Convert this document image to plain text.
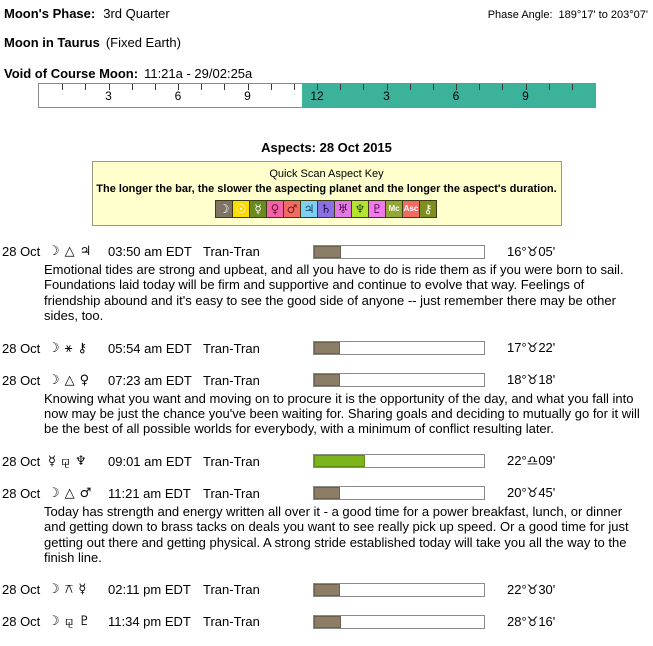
Moon's Phase: 3rd Quarter	Phase Angle: 189°17' to 203°07'
Moon in Taurus (Fixed Earth)
Void of Course Moon: 11:21a - 29/02:25a
3	6	9	12	3	6	9
Aspects: 28 Oct 2015
Quick Scan Aspect Key
The longer the bar, the slower the aspecting planet and the longer the aspect's duration.
☽ ☉ ☿ ♀ ♂ ♃ ♄ ♅ ♆ ♇ Mc Asc ⚷
28 Oct ☽ △ ♃ 03:50 am EDT Tran-Tran	16°♉05'
Emotional tides are strong and upbeat, and all you have to do is ride them as if you were born to sail. Foundations laid today will be firm and supportive and continue to evolve that way. Feelings of friendship abound and it's easy to see the good side of anyone -- just remember there may be other sides, too.
28 Oct ☽ ⚹ ⚷ 05:54 am EDT Tran-Tran	17°♉22'
28 Oct ☽ △ ♀ 07:23 am EDT Tran-Tran	18°♉18'
Knowing what you want and moving on to procure it is the opportunity of the day, and what you fall into now may be just the chance you've been waiting for. Sharing goals and deciding to mutually go for it will be the best of all possible worlds for everybody, with a minimum of conflict resulting later.
28 Oct ☿ ⚼ ♆ 09:01 am EDT Tran-Tran	22°♎09'
28 Oct ☽ △ ♂ 11:21 am EDT Tran-Tran	20°♉45'
Today has strength and energy written all over it - a good time for a power breakfast, lunch, or dinner and getting down to brass tacks on deals you want to see really pick up speed. Or a good time for just getting out there and getting physical. A strong stride established today will take you all the way to the finish line.
28 Oct ☽ ⚻ ☿ 02:11 pm EDT Tran-Tran	22°♉30'
28 Oct ☽ ⚼ ♇ 11:34 pm EDT Tran-Tran	28°♉16'
